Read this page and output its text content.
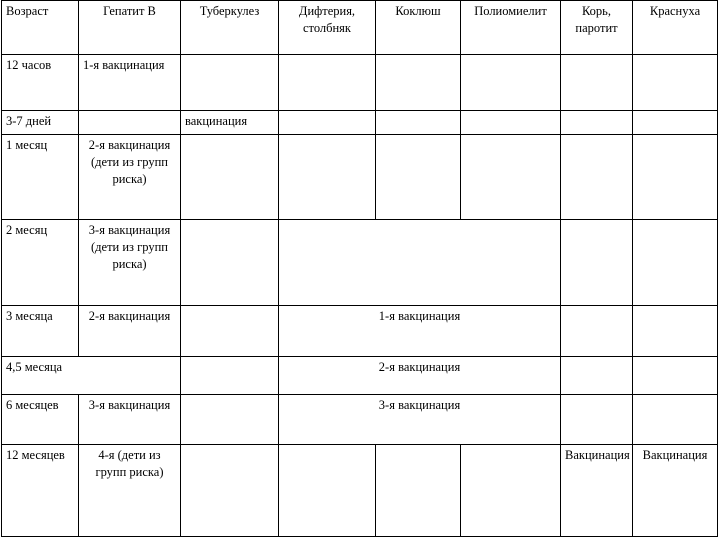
Возраст	Гепатит В	Туберкулез	Дифтерия, столбняк	Коклюш	Полиомиелит	Корь, паротит	Краснуха
12 часов	1-я вакцинация						
3-7 дней		вакцинация					
1 месяц	2-я вакцинация (дети из групп риска)						
2 месяц	3-я вакцинация (дети из групп риска)						
3 месяца	2-я вакцинация		1-я вакцинация				
4,5 месяца			2-я вакцинация				
6 месяцев	3-я вакцинация		3-я вакцинация				
12 месяцев	4-я (дети из групп риска)					Вакцинация	Вакцинация
